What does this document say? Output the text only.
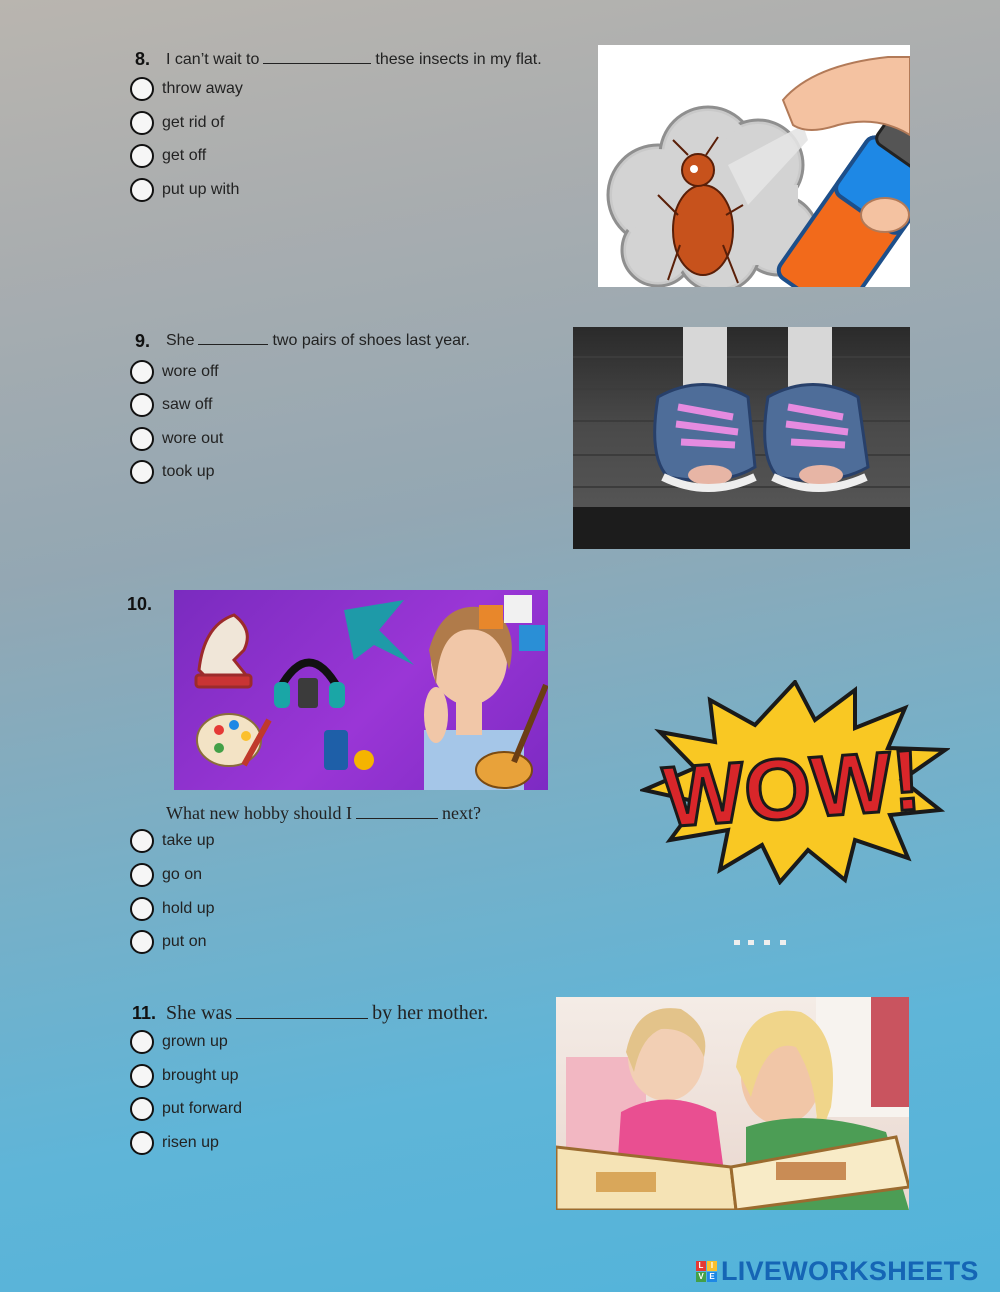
8. I can’t wait to	these insects in my flat.
throw away
get rid of
get off
put up with
9. She	two pairs of shoes last year.
wore off
saw off
wore out
took up
10.
What new hobby should I	next?
take up
go on
hold up
put on
WOW!
11. She was	by her mother.
grown up
brought up
put forward
risen up
L I
V E LIVEWORKSHEETS
